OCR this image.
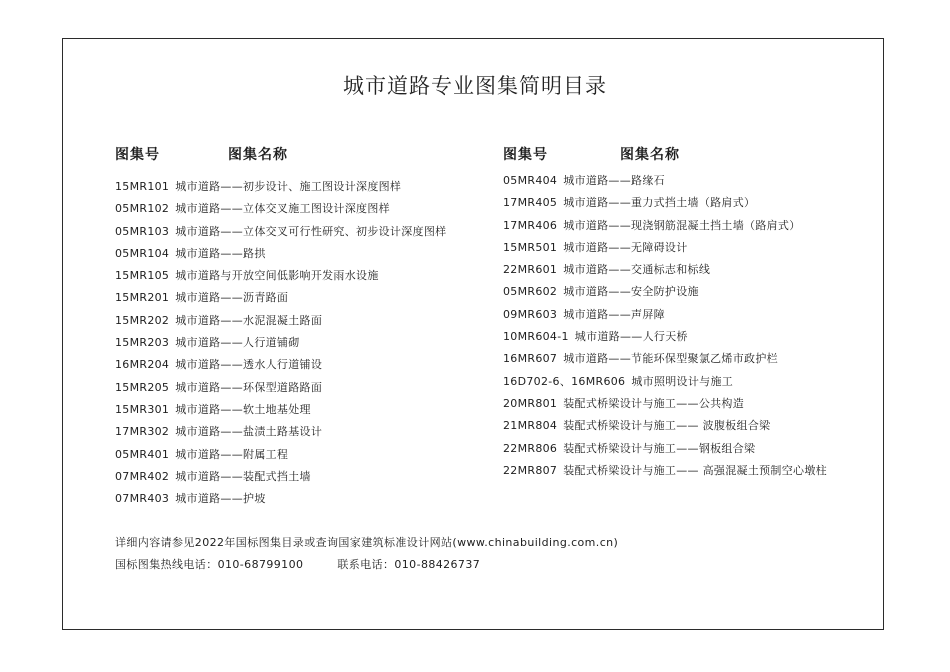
城市道路专业图集简明目录
图集号	图集名称	图集号	图集名称
15MR101 城市道路——初步设计、施工图设计深度图样
05MR102 城市道路——立体交叉施工图设计深度图样
05MR103 城市道路——立体交叉可行性研究、初步设计深度图样
05MR104 城市道路——路拱
15MR105 城市道路与开放空间低影响开发雨水设施
15MR201 城市道路——沥青路面
15MR202 城市道路——水泥混凝土路面
15MR203 城市道路——人行道铺砌
16MR204 城市道路——透水人行道铺设
15MR205 城市道路——环保型道路路面
15MR301 城市道路——软土地基处理
17MR302 城市道路——盐渍土路基设计
05MR401 城市道路——附属工程
07MR402 城市道路——装配式挡土墙
07MR403 城市道路——护坡
05MR404 城市道路——路缘石
17MR405 城市道路——重力式挡土墙（路肩式）
17MR406 城市道路——现浇钢筋混凝土挡土墙（路肩式）
15MR501 城市道路——无障碍设计
22MR601 城市道路——交通标志和标线
05MR602 城市道路——安全防护设施
09MR603 城市道路——声屏障
10MR604-1 城市道路——人行天桥
16MR607 城市道路——节能环保型聚氯乙烯市政护栏
16D702-6、16MR606 城市照明设计与施工
20MR801 装配式桥梁设计与施工——公共构造
21MR804 装配式桥梁设计与施工—— 波腹板组合梁
22MR806 装配式桥梁设计与施工——钢板组合梁
22MR807 装配式桥梁设计与施工—— 高强混凝土预制空心墩柱
详细内容请参见2022年国标图集目录或查询国家建筑标准设计网站(www.chinabuilding.com.cn)
国标图集热线电话：010-68799100	联系电话：010-88426737
